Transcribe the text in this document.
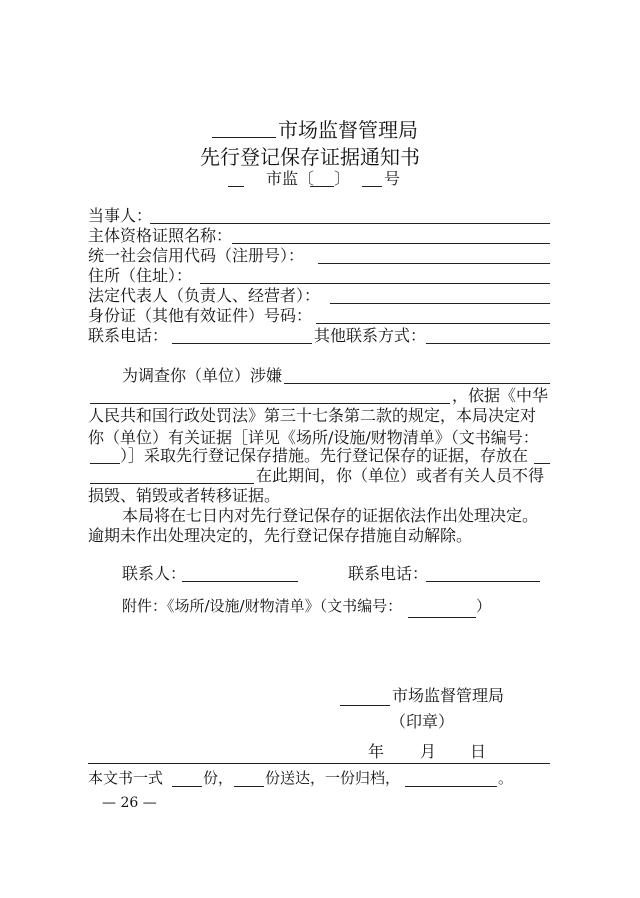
市场监督管理局
先行登记保存证据通知书
市监〔 〕 号
当事人：
主体资格证照名称：
统一社会信用代码（注册号）：
住所（住址）：
法定代表人（负责人、经营者）：
身份证（其他有效证件）号码：
联系电话：	其他联系方式：
为调查你（单位）涉嫌
，依据《中华
人民共和国行政处罚法》第三十七条第二款的规定，本局决定对
你（单位）有关证据［详见《场所/设施/财物清单》（文书编号：
）］采取先行登记保存措施。先行登记保存的证据，存放在
在此期间，你（单位）或者有关人员不得
损毁、销毁或者转移证据。
本局将在七日内对先行登记保存的证据依法作出处理决定。
逾期未作出处理决定的，先行登记保存措施自动解除。
联系人：	联系电话：
附件：《场所/设施/财物清单》（文书编号：	）
市场监督管理局
（印章）
年 月 日
本文书一式	份， 份送达，一份归档，	。
— 26 —
